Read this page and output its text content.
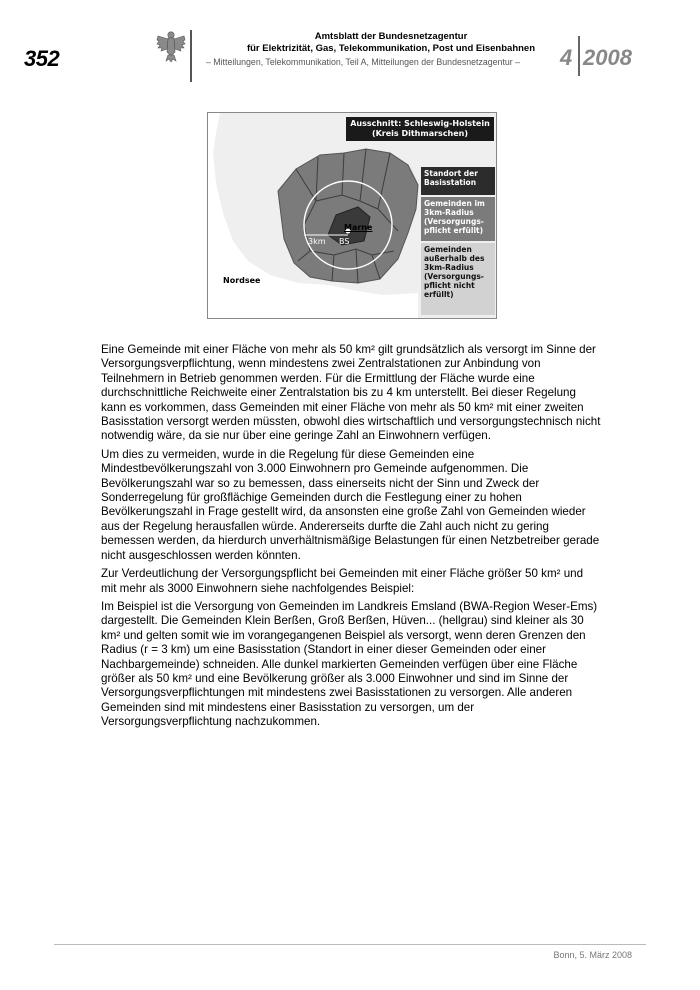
352
Amtsblatt der Bundesnetzagentur
für Elektrizität, Gas, Telekommunikation, Post und Eisenbahnen
– Mitteilungen, Telekommunikation, Teil A, Mitteilungen der Bundesnetzagentur –	4 2008
Ausschnitt: Schleswig-Holstein
(Kreis Dithmarschen)
Standort der
Basisstation
Gemeinden im
3km-Radius
(Versorgungs-
pflicht erfüllt)
Gemeinden
außerhalb des
3km-Radius
(Versorgungs-
pflicht nicht
erfüllt)
Marne
3km BS
Nordsee

Eine Gemeinde mit einer Fläche von mehr als 50 km² gilt grundsätzlich als versorgt im Sinne der Versorgungsverpflichtung, wenn mindestens zwei Zentralstationen zur Anbindung von Teilnehmern in Betrieb genommen werden. Für die Ermittlung der Fläche wurde eine durchschnittliche Reichweite einer Zentralstation bis zu 4 km unterstellt. Bei dieser Regelung kann es vorkommen, dass Gemeinden mit einer Fläche von mehr als 50 km² mit einer zweiten Basisstation versorgt werden müssten, obwohl dies wirtschaftlich und versorgungstechnisch nicht notwendig wäre, da sie nur über eine geringe Zahl an Einwohnern verfügen.

Um dies zu vermeiden, wurde in die Regelung für diese Gemeinden eine Mindestbevölkerungszahl von 3.000 Einwohnern pro Gemeinde aufgenommen. Die Bevölkerungszahl war so zu bemessen, dass einerseits nicht der Sinn und Zweck der Sonderregelung für großflächige Gemeinden durch die Festlegung einer zu hohen Bevölkerungszahl in Frage gestellt wird, da ansonsten eine große Zahl von Gemeinden wieder aus der Regelung herausfallen würde. Andererseits durfte die Zahl auch nicht zu gering bemessen werden, da hierdurch unverhältnismäßige Belastungen für einen Netzbetreiber gerade nicht ausgeschlossen werden könnten.

Zur Verdeutlichung der Versorgungspflicht bei Gemeinden mit einer Fläche größer 50 km² und mit mehr als 3000 Einwohnern siehe nachfolgendes Beispiel:

Im Beispiel ist die Versorgung von Gemeinden im Landkreis Emsland (BWA-Region Weser-Ems) dargestellt. Die Gemeinden Klein Berßen, Groß Berßen, Hüven... (hellgrau) sind kleiner als 30 km² und gelten somit wie im vorangegangenen Beispiel als versorgt, wenn deren Grenzen den Radius (r = 3 km) um eine Basisstation (Standort in einer dieser Gemeinden oder einer Nachbargemeinde) schneiden. Alle dunkel markierten Gemeinden verfügen über eine Fläche größer als 50 km² und eine Bevölkerung größer als 3.000 Einwohner und sind im Sinne der Versorgungsverpflichtungen mit mindestens zwei Basisstationen zu versorgen. Alle anderen Gemeinden sind mit mindestens einer Basisstation zu versorgen, um der Versorgungsverpflichtung nachzukommen.

Bonn, 5. März 2008
